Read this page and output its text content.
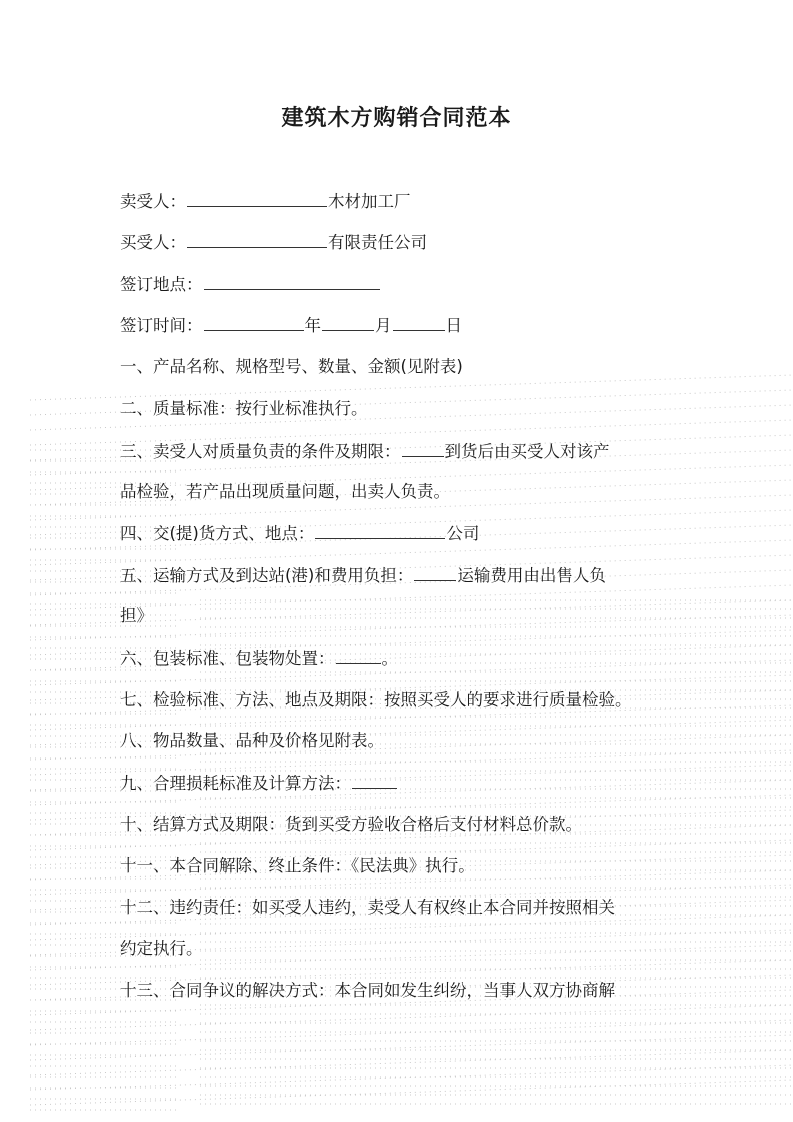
建筑木方购销合同范本
卖受人：	木材加工厂
买受人：	有限责任公司
签订地点：
签订时间：	年	月	日
一、产品名称、规格型号、数量、金额(见附表)
二、质量标准：按行业标准执行。
三、卖受人对质量负责的条件及期限：	到货后由买受人对该产
品检验，若产品出现质量问题，出卖人负责。
四、交(提)货方式、地点：	公司
五、运输方式及到达站(港)和费用负担：	运输费用由出售人负
担》
六、包装标准、包装物处置：	。
七、检验标准、方法、地点及期限：按照买受人的要求进行质量检验。
八、物品数量、品种及价格见附表。
九、合理损耗标准及计算方法：
十、结算方式及期限：货到买受方验收合格后支付材料总价款。
十一、本合同解除、终止条件：《民法典》执行。
十二、违约责任：如买受人违约，卖受人有权终止本合同并按照相关
约定执行。
十三、合同争议的解决方式：本合同如发生纠纷，当事人双方协商解
